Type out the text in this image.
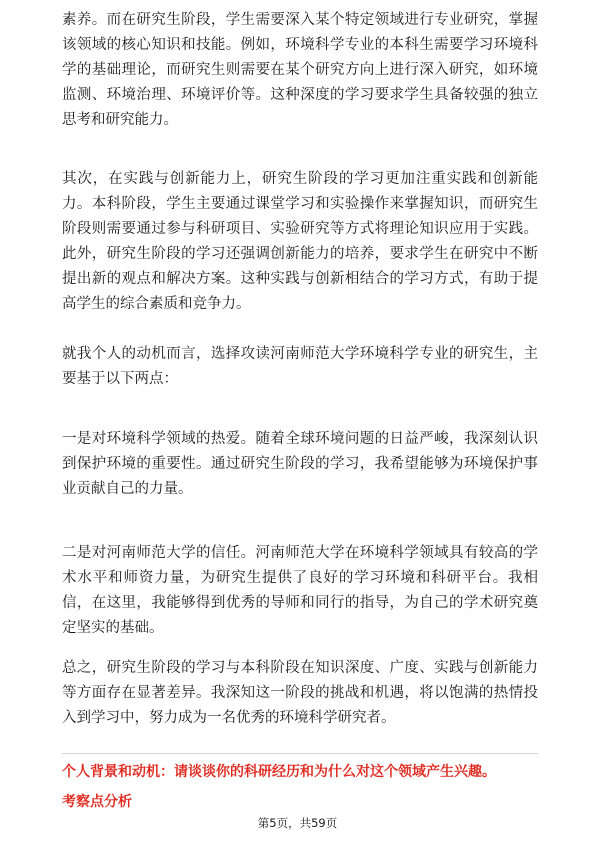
素养。而在研究生阶段，学生需要深入某个特定领域进行专业研究，掌握该领域的核心知识和技能。例如，环境科学专业的本科生需要学习环境科学的基础理论，而研究生则需要在某个研究方向上进行深入研究，如环境监测、环境治理、环境评价等。这种深度的学习要求学生具备较强的独立思考和研究能力。

其次，在实践与创新能力上，研究生阶段的学习更加注重实践和创新能力。本科阶段，学生主要通过课堂学习和实验操作来掌握知识，而研究生阶段则需要通过参与科研项目、实验研究等方式将理论知识应用于实践。此外，研究生阶段的学习还强调创新能力的培养，要求学生在研究中不断提出新的观点和解决方案。这种实践与创新相结合的学习方式，有助于提高学生的综合素质和竞争力。

就我个人的动机而言，选择攻读河南师范大学环境科学专业的研究生，主要基于以下两点：

一是对环境科学领域的热爱。随着全球环境问题的日益严峻，我深刻认识到保护环境的重要性。通过研究生阶段的学习，我希望能够为环境保护事业贡献自己的力量。

二是对河南师范大学的信任。河南师范大学在环境科学领域具有较高的学术水平和师资力量，为研究生提供了良好的学习环境和科研平台。我相信，在这里，我能够得到优秀的导师和同行的指导，为自己的学术研究奠定坚实的基础。

总之，研究生阶段的学习与本科阶段在知识深度、广度、实践与创新能力等方面存在显著差异。我深知这一阶段的挑战和机遇，将以饱满的热情投入到学习中，努力成为一名优秀的环境科学研究者。

个人背景和动机：请谈谈你的科研经历和为什么对这个领域产生兴趣。
考察点分析
第5页，共59页
